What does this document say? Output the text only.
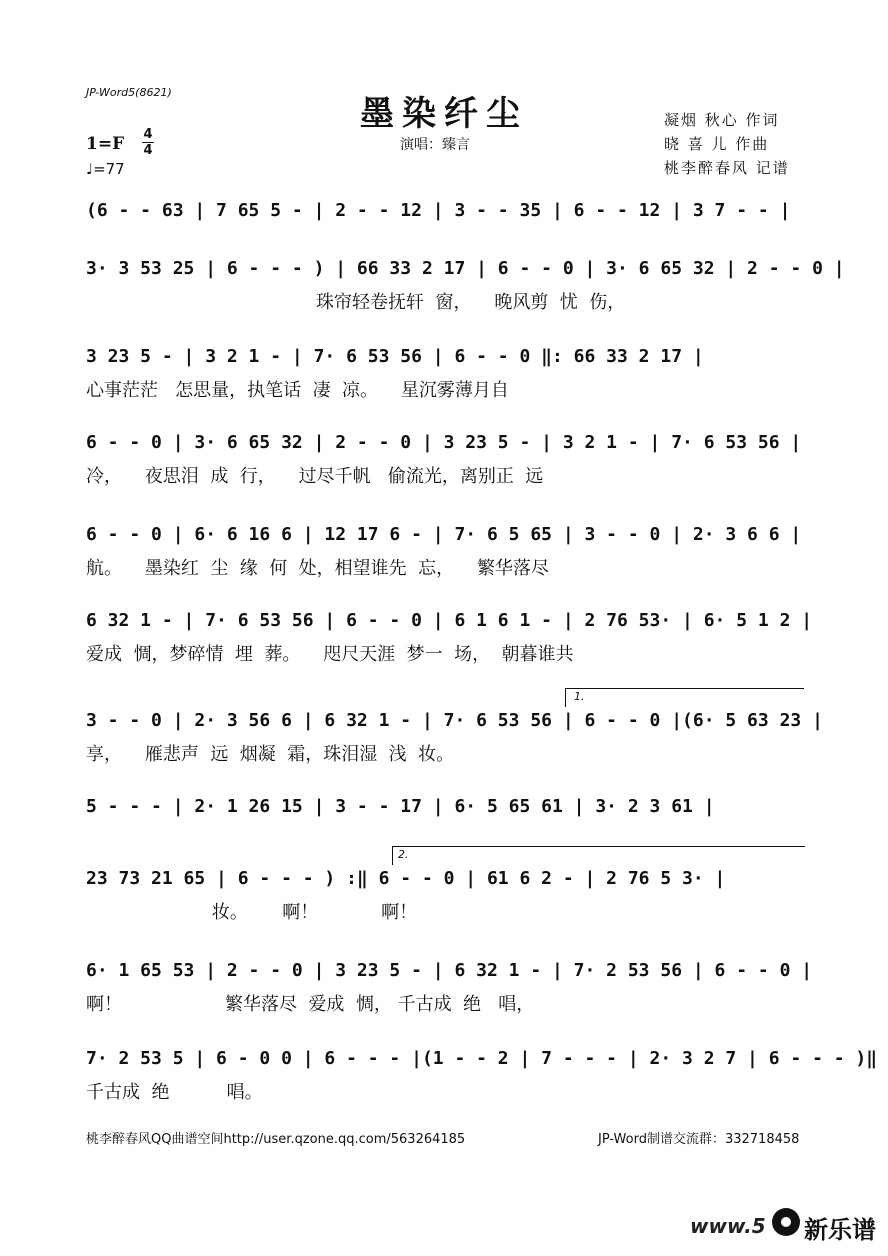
JP-Word5(8621)
墨染纤尘
演唱：臻言
凝烟 秋心 作词
晓 喜 儿 作曲
桃李醉春风 记谱
1=F 4
4
♩=77
(6 - - 63 | 7 65 5 - | 2 - - 12 | 3 - - 35 | 6 - - 12 | 3 7 - - |
3· 3 53 25 | 6 - - - ) | 66 33 2 17 | 6 - - 0 | 3· 6 65 32 | 2 - - 0 |
珠帘轻卷抚轩  窗，    晚风剪  忧  伤，
3 23 5 - | 3 2 1 - | 7· 6 53 56 | 6 - - 0 ‖: 66 33 2 17 |
心事茫茫   怎思量，执笔话  凄  凉。    星沉雾薄月自
6 - - 0 | 3· 6 65 32 | 2 - - 0 | 3 23 5 - | 3 2 1 - | 7· 6 53 56 |
冷，    夜思泪  成  行，    过尽千帆   偷流光，离别正  远
6 - - 0 | 6· 6 16 6 | 12 17 6 - | 7· 6 5 65 | 3 - - 0 | 2· 3 6 6 |
航。    墨染红  尘  缘  何  处，相望谁先  忘，    繁华落尽
6 32 1 - | 7· 6 53 56 | 6 - - 0 | 6 1 6 1 - | 2 76 53· | 6· 5 1 2 |
爱成  惆，梦碎情  埋  葬。    咫尺天涯  梦一  场，  朝暮谁共
1.
3 - - 0 | 2· 3 56 6 | 6 32 1 - | 7· 6 53 56 | 6 - - 0 |(6· 5 63 23 |
享，    雁悲声  远  烟凝  霜，珠泪湿  浅  妆。
5 - - - | 2· 1 26 15 | 3 - - 17 | 6· 5 65 61 | 3· 2 3 61 |
2.
23 73 21 65 | 6 - - - ) :‖ 6 - - 0 | 61 6 2 - | 2 76 5 3· |
妆。      啊！           啊！
6· 1 65 53 | 2 - - 0 | 3 23 5 - | 6 32 1 - | 7· 2 53 56 | 6 - - 0 |
啊！                  繁华落尽  爱成  惆， 千古成  绝   唱，
7· 2 53 5 | 6 - 0 0 | 6 - - - |(1 - - 2 | 7 - - - | 2· 3 2 7 | 6 - - - )‖
千古成  绝          唱。
桃李醉春风QQ曲谱空间http://user.qzone.qq.com/563264185	JP-Word制谱交流群：332718458
www.5 新乐谱
